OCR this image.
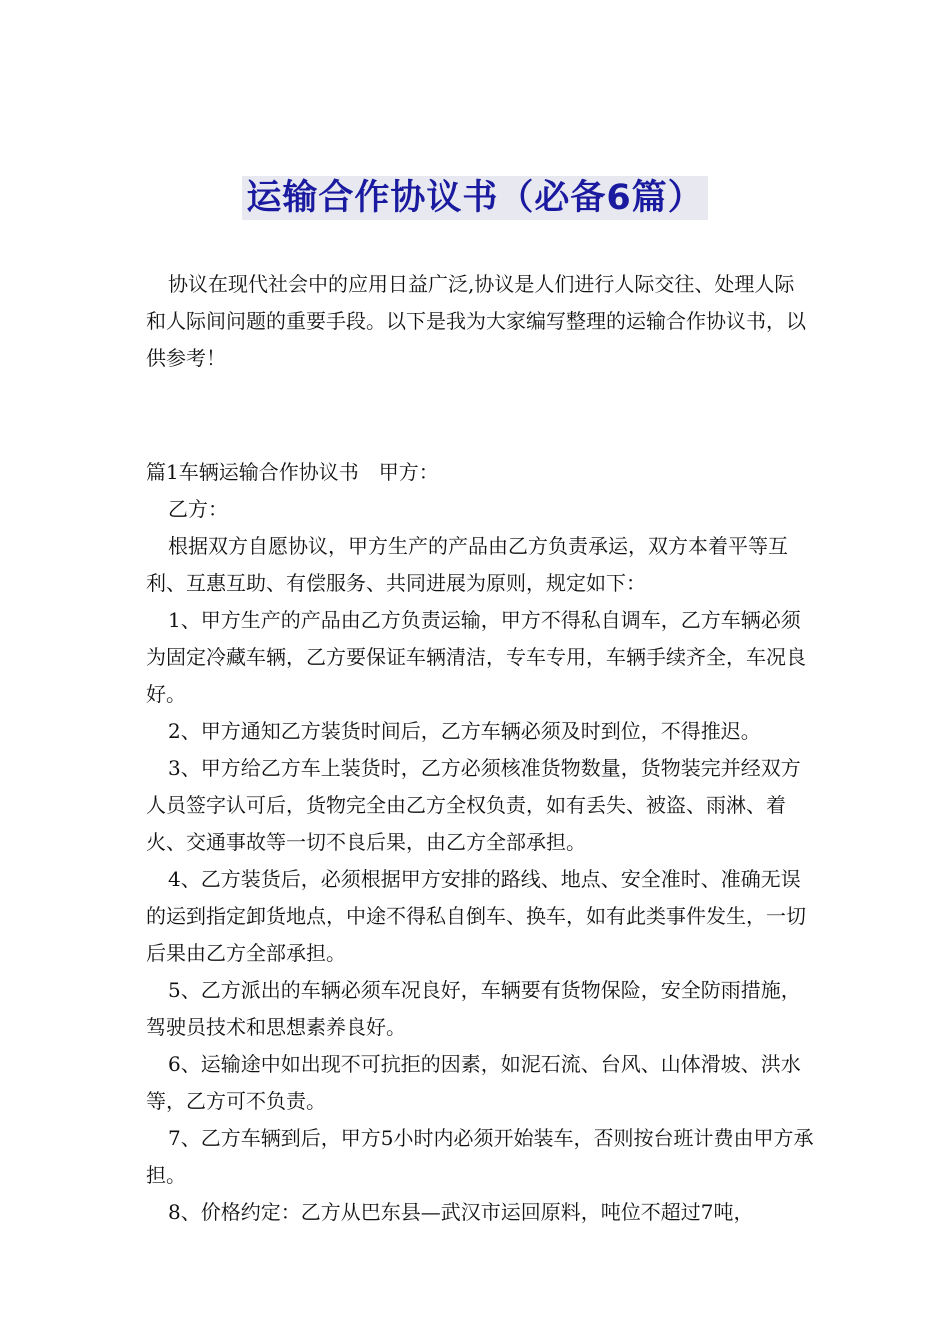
运输合作协议书（必备6篇）

协议在现代社会中的应用日益广泛,协议是人们进行人际交往、处理人际和人际间问题的重要手段。以下是我为大家编写整理的运输合作协议书，以供参考！

篇1车辆运输合作协议书　甲方：

乙方：

根据双方自愿协议，甲方生产的产品由乙方负责承运，双方本着平等互利、互惠互助、有偿服务、共同进展为原则，规定如下：

1、甲方生产的产品由乙方负责运输，甲方不得私自调车，乙方车辆必须为固定冷藏车辆，乙方要保证车辆清洁，专车专用，车辆手续齐全，车况良好。

2、甲方通知乙方装货时间后，乙方车辆必须及时到位，不得推迟。

3、甲方给乙方车上装货时，乙方必须核准货物数量，货物装完并经双方人员签字认可后，货物完全由乙方全权负责，如有丢失、被盗、雨淋、着火、交通事故等一切不良后果，由乙方全部承担。

4、乙方装货后，必须根据甲方安排的路线、地点、安全准时、准确无误的运到指定卸货地点，中途不得私自倒车、换车，如有此类事件发生，一切后果由乙方全部承担。

5、乙方派出的车辆必须车况良好，车辆要有货物保险，安全防雨措施，驾驶员技术和思想素养良好。

6、运输途中如出现不可抗拒的因素，如泥石流、台风、山体滑坡、洪水等，乙方可不负责。

7、乙方车辆到后，甲方5小时内必须开始装车，否则按台班计费由甲方承担。

8、价格约定：乙方从巴东县—武汉市运回原料，吨位不超过7吨，
